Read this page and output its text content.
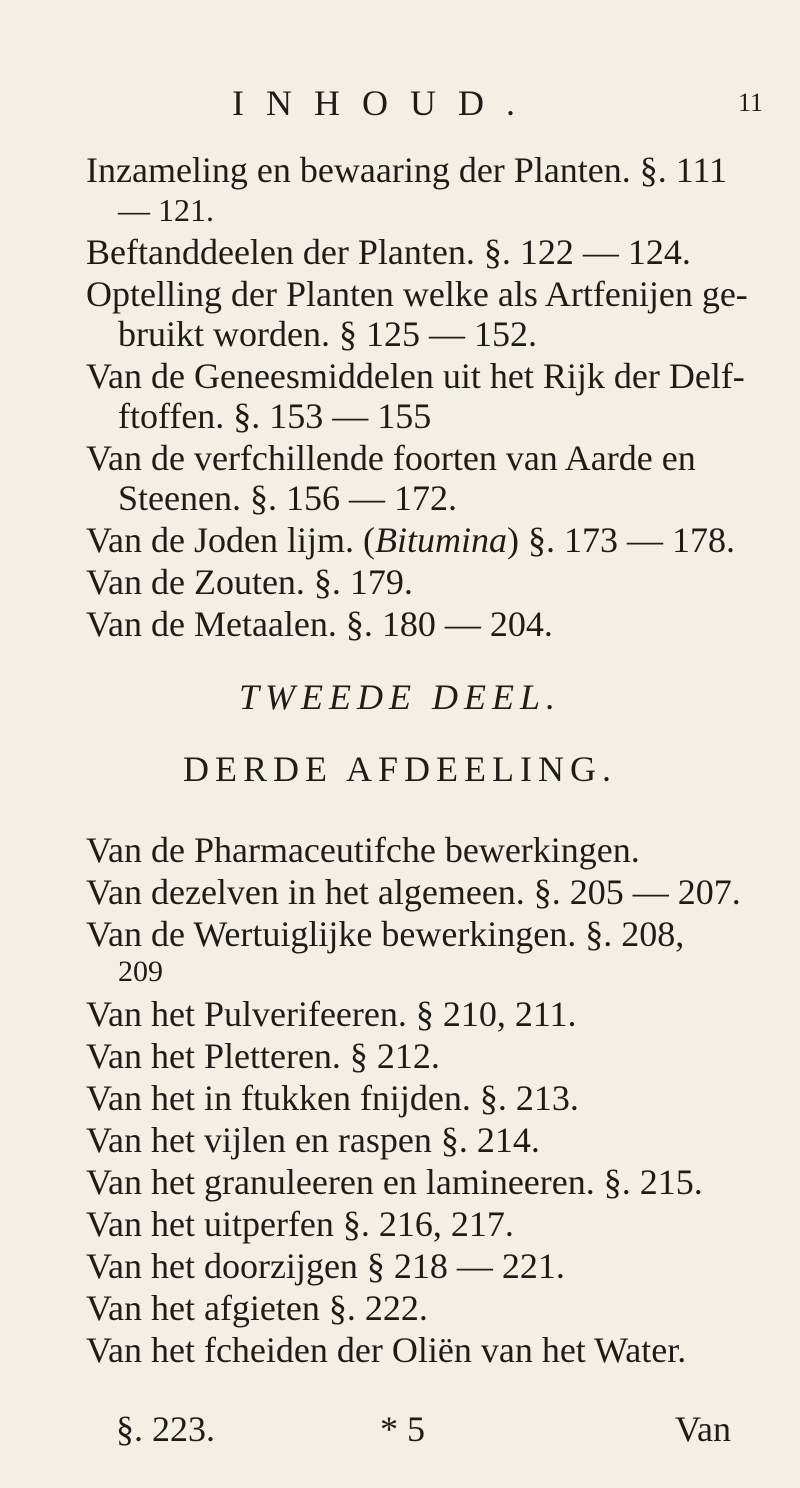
INHOUD.	11
Inzameling en bewaaring der Planten. §. 111
— 121.
Beftanddeelen der Planten. §. 122 — 124.
Optelling der Planten welke als Artfenijen ge-
bruikt worden. § 125 — 152.
Van de Geneesmiddelen uit het Rijk der Delf-
ftoffen. §. 153 — 155
Van de verfchillende foorten van Aarde en
Steenen. §. 156 — 172.
Van de Joden lijm. (Bitumina) §. 173 — 178.
Van de Zouten. §. 179.
Van de Metaalen. §. 180 — 204.
TWEEDE DEEL.
DERDE AFDEELING.
Van de Pharmaceutifche bewerkingen.
Van dezelven in het algemeen. §. 205 — 207.
Van de Wertuiglijke bewerkingen. §. 208,
209
Van het Pulverifeeren. § 210, 211.
Van het Pletteren. § 212.
Van het in ftukken fnijden. §. 213.
Van het vijlen en raspen §. 214.
Van het granuleeren en lamineeren. §. 215.
Van het uitperfen §. 216, 217.
Van het doorzijgen § 218 — 221.
Van het afgieten §. 222.
Van het fcheiden der Oliën van het Water.
§. 223.	* 5	Van
